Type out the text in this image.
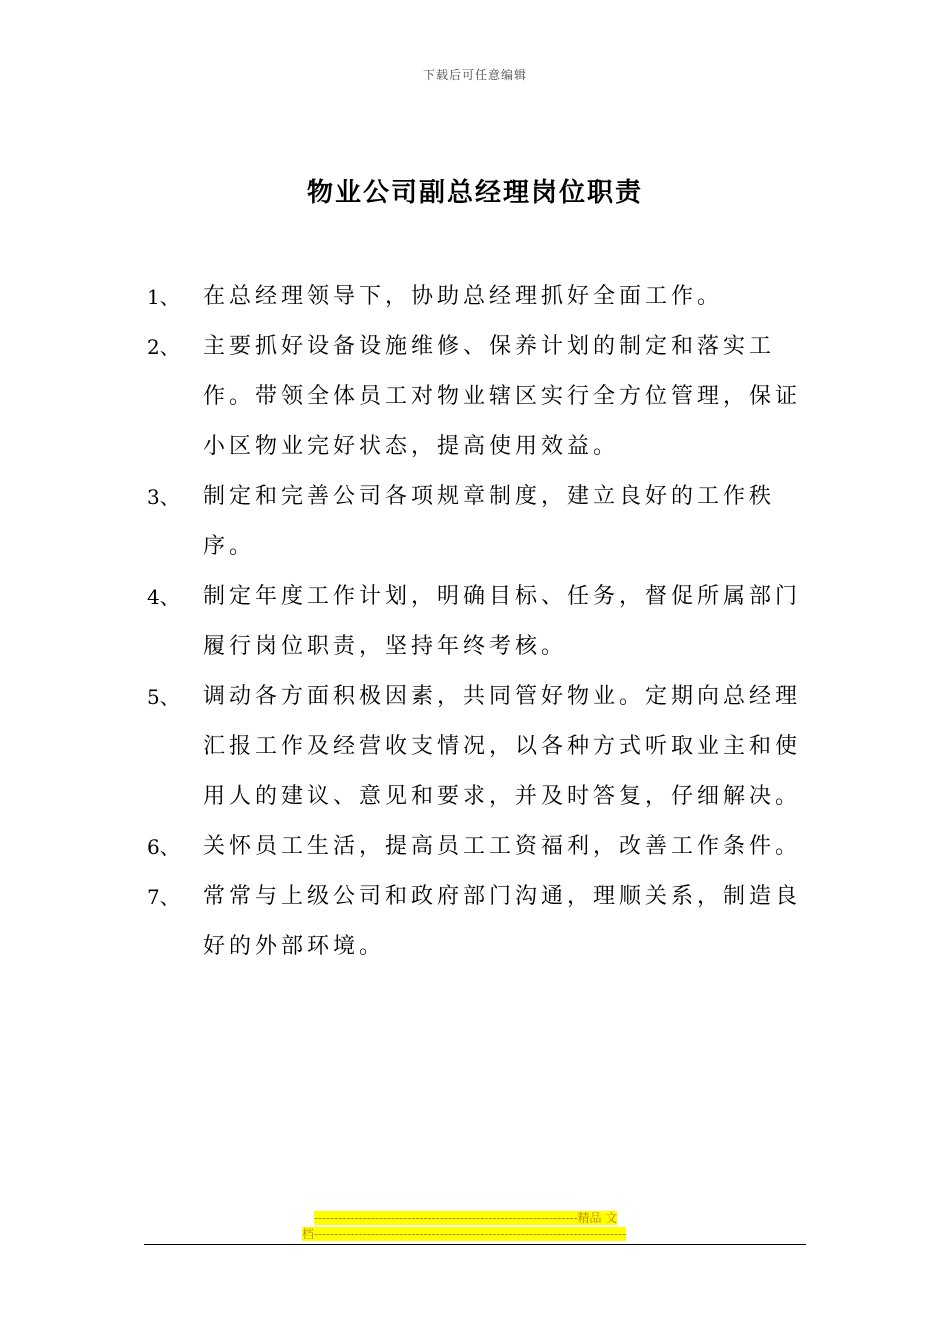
下载后可任意编辑
物业公司副总经理岗位职责
1、 在总经理领导下，协助总经理抓好全面工作。
2、 主要抓好设备设施维修、保养计划的制定和落实工作。带领全体员工对物业辖区实行全方位管理，保证小区物业完好状态，提高使用效益。
3、 制定和完善公司各项规章制度，建立良好的工作秩序。
4、 制定年度工作计划，明确目标、任务，督促所属部门履行岗位职责，坚持年终考核。
5、 调动各方面积极因素，共同管好物业。定期向总经理汇报工作及经营收支情况，以各种方式听取业主和使用人的建议、意见和要求，并及时答复，仔细解决。
6、 关怀员工生活，提高员工工资福利，改善工作条件。
7、 常常与上级公司和政府部门沟通，理顺关系，制造良好的外部环境。
-----------------------------------------------------------------精品 文
档-----------------------------------------------------------------------------
